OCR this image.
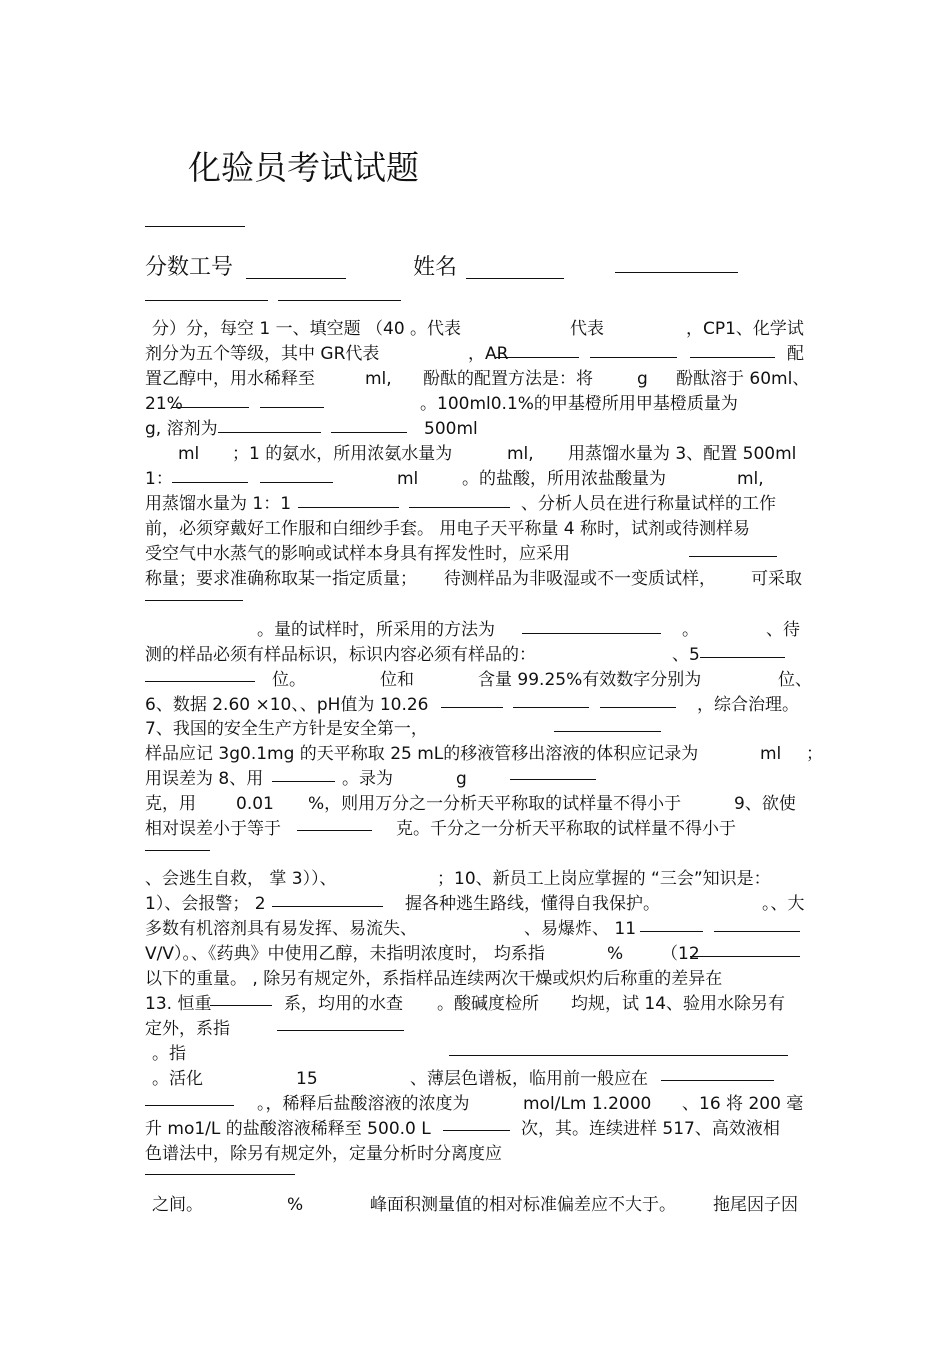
化验员考试试题
分数工号	姓名
分）分，每空 1 一、填空题 （40 。代表	代表	，CP1、化学试
剂分为五个等级，其中 GR代表	，AR	配
置乙醇中，用水稀释至	ml, 酚酞的配置方法是：将	g 酚酞溶于 60ml、
21%	。100ml0.1%的甲基橙所用甲基橙质量为
g, 溶剂为	500ml
ml ；1 的氨水，所用浓氨水量为	ml, 用蒸馏水量为 3、配置 500ml
1：	ml	。的盐酸，所用浓盐酸量为	ml,
用蒸馏水量为 1：1	、分析人员在进行称量试样的工作
前，必须穿戴好工作服和白细纱手套。 用电子天平称量 4 称时，试剂或待测样易
受空气中水蒸气的影响或试样本身具有挥发性时，应采用
称量；要求准确称取某一指定质量； 待测样品为非吸湿或不一变质试样， 可采取
。量的试样时，所采用的方法为	。	、待
测的样品必须有样品标识，标识内容必须有样品的：	、5
位。	位和	含量 99.25%有效数字分别为	位、
6、数据 2.60 ×10、、pH值为 10.26	，综合治理。
7、我国的安全生产方针是安全第一，
样品应记 3g0.1mg 的天平称取 25 mL的移液管移出溶液的体积应记录为	ml ；
用误差为 8、用	。录为	g
克，用 0.01 %，则用万分之一分析天平称取的试样量不得小于	9、欲使
相对误差小于等于	克。千分之一分析天平称取的试样量不得小于
、会逃生自救， 掌 3））、	；10、新员工上岗应掌握的 “三会”知识是：
1）、会报警； 2	握各种逃生路线，懂得自我保护。	。、大
多数有机溶剂具有易发挥、易流失、	、易爆炸、 11
V/V）。、《药典》中使用乙醇，未指明浓度时， 均系指	% （12
以下的重量。 , 除另有规定外，系指样品连续两次干燥或炽灼后称重的差异在
13. 恒重	系，均用的水查 。酸碱度检所 均规，试 14、验用水除另有
定外，系指
。指
。活化	15	、薄层色谱板，临用前一般应在
。，稀释后盐酸溶液的浓度为	mol/Lm 1.2000 、16 将 200 毫
升 mo1/L 的盐酸溶液稀释至 500.0 L	次，其。连续进样 517、高效液相
色谱法中，除另有规定外，定量分析时分离度应
之间。	%	峰面积测量值的相对标准偏差应不大于。 拖尾因子因
